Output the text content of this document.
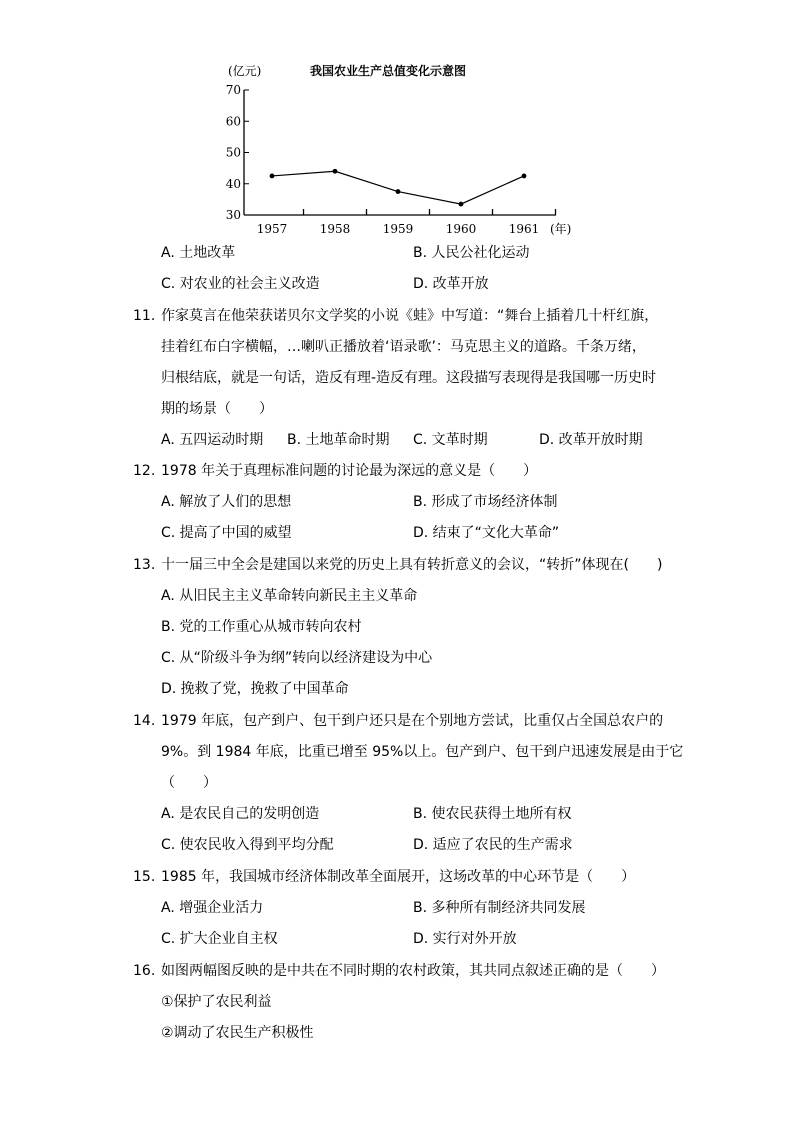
(亿元)	我国农业生产总值变化示意图
70
60
50
40
30
1957	1958	1959	1960	1961 (年)
A. 土地改革	B. 人民公社化运动
C. 对农业的社会主义改造	D. 改革开放
11. 作家莫言在他荣获诺贝尔文学奖的小说《蛙》中写道：“舞台上插着几十杆红旗，
挂着红布白字横幅，…喇叭正播放着‘语录歌’：马克思主义的道路。千条万绪，
归根结底，就是一句话，造反有理-造反有理。这段描写表现得是我国哪一历史时
期的场景（　　）
A. 五四运动时期 B. 土地革命时期 C. 文革时期	D. 改革开放时期
12. 1978 年关于真理标准问题的讨论最为深远的意义是（　　）
A. 解放了人们的思想	B. 形成了市场经济体制
C. 提高了中国的威望	D. 结束了“文化大革命”
13. 十一届三中全会是建国以来党的历史上具有转折意义的会议，“转折”体现在(　　)
A. 从旧民主主义革命转向新民主主义革命
B. 党的工作重心从城市转向农村
C. 从“阶级斗争为纲”转向以经济建设为中心
D. 挽救了党，挽救了中国革命
14. 1979 年底，包产到户、包干到户还只是在个别地方尝试，比重仅占全国总农户的
9%。到 1984 年底，比重已增至 95%以上。包产到户、包干到户迅速发展是由于它
（　　）
A. 是农民自己的发明创造	B. 使农民获得土地所有权
C. 使农民收入得到平均分配	D. 适应了农民的生产需求
15. 1985 年，我国城市经济体制改革全面展开，这场改革的中心环节是（　　）
A. 增强企业活力	B. 多种所有制经济共同发展
C. 扩大企业自主权	D. 实行对外开放
16. 如图两幅图反映的是中共在不同时期的农村政策，其共同点叙述正确的是（　　）
①保护了农民利益
②调动了农民生产积极性
